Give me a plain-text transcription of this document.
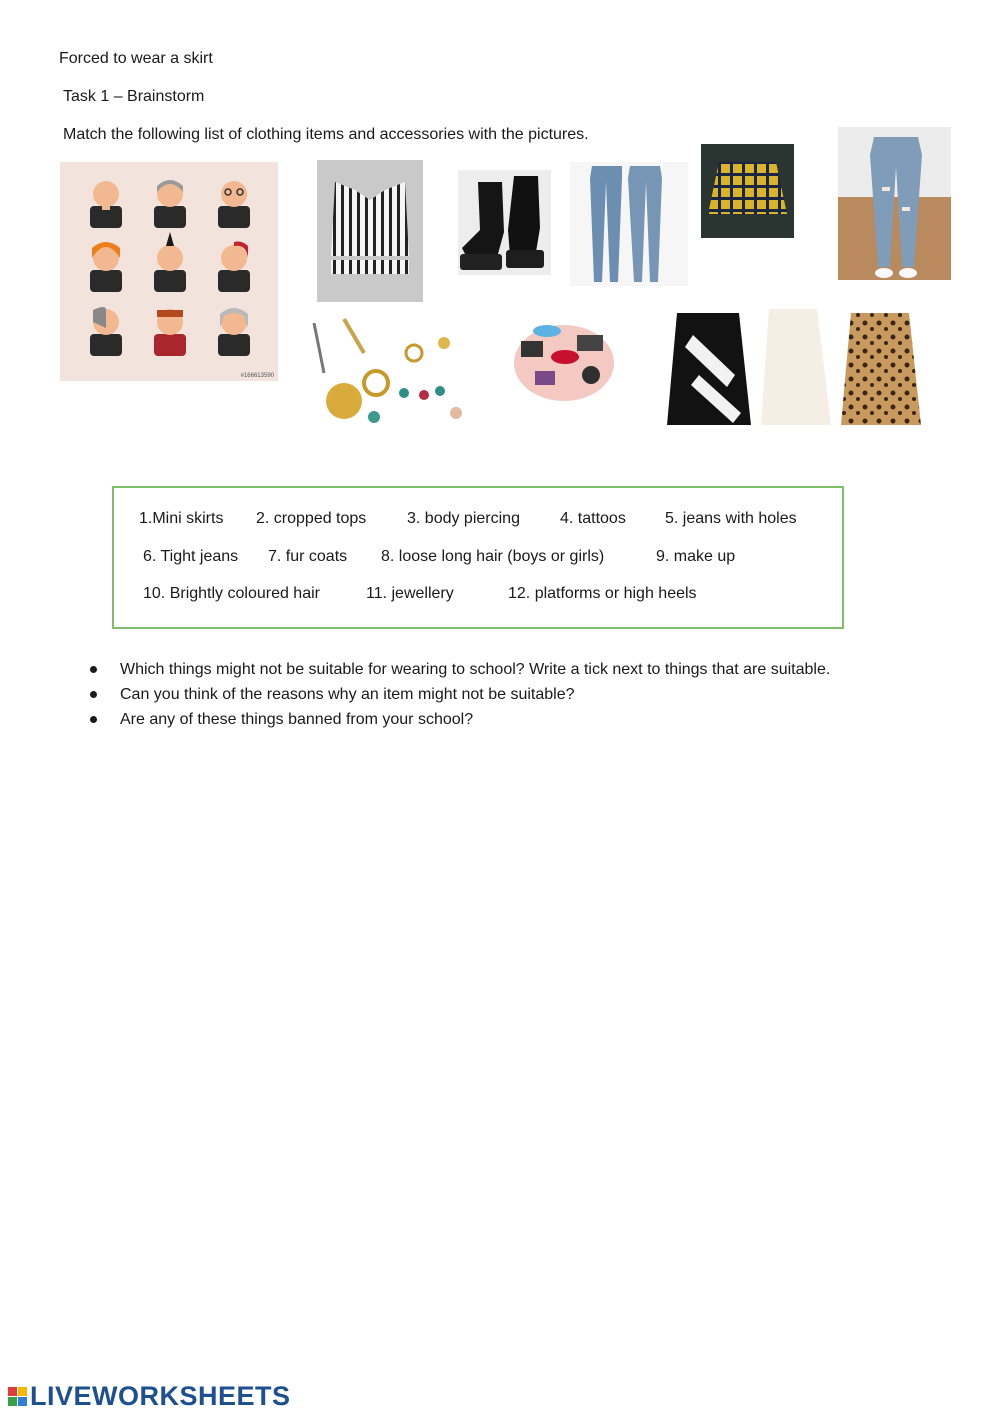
Forced to wear a skirt
Task 1 – Brainstorm
Match the following list of clothing items and accessories with the pictures.
#166613590
1.Mini skirts 2. cropped tops	3. body piercing	4. tattoos 5. jeans with holes
6. Tight jeans 7. fur coats 8. loose long hair (boys or girls)	9. make up
10. Brightly coloured hair	11. jewellery	12. platforms or high heels
Which things might not be suitable for wearing to school? Write a tick next to things that are suitable.
Can you think of the reasons why an item might not be suitable?
Are any of these things banned from your school?
LIVEWORKSHEETS
